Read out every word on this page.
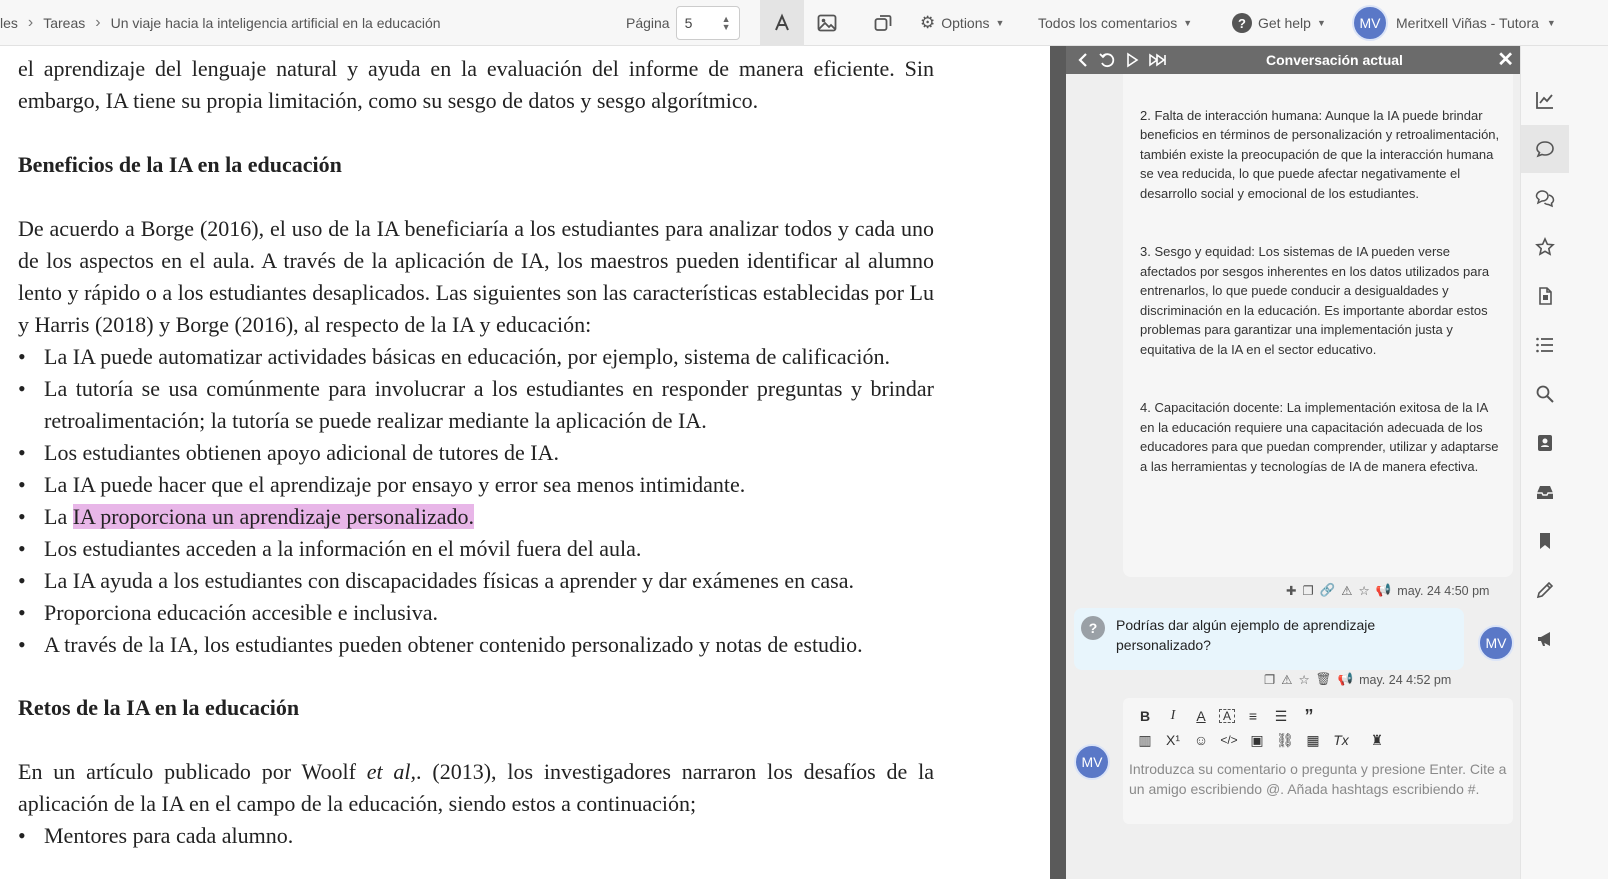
les › Tareas › Un viaje hacia la inteligencia artificial en la educación	Página 5	▲
▼	⚙ Options ▼ Todos los comentarios ▼	? Get help ▼	MV	Meritxell Viñas - Tutora ▼

el aprendizaje del lenguaje natural y ayuda en la evaluación del informe de manera eficiente. Sin

embargo, IA tiene su propia limitación, como su sesgo de datos y sesgo algorítmico.

Beneficios de la IA en la educación

De acuerdo a Borge (2016), el uso de la IA beneficiaría a los estudiantes para analizar todos y cada uno de los aspectos en el aula. A través de la aplicación de IA, los maestros pueden identificar al alumno lento y rápido o a los estudiantes desaplicados. Las siguientes son las características establecidas por Lu y Harris (2018) y Borge (2016), al respecto de la IA y educación:

• La IA puede automatizar actividades básicas en educación, por ejemplo, sistema de calificación.
• La tutoría se usa comúnmente para involucrar a los estudiantes en responder preguntas y brindar retroalimentación; la tutoría se puede realizar mediante la aplicación de IA.
• Los estudiantes obtienen apoyo adicional de tutores de IA.
• La IA puede hacer que el aprendizaje por ensayo y error sea menos intimidante.
• La IA proporciona un aprendizaje personalizado.
• Los estudiantes acceden a la información en el móvil fuera del aula.
• La IA ayuda a los estudiantes con discapacidades físicas a aprender y dar exámenes en casa.
• Proporciona educación accesible e inclusiva.
• A través de la IA, los estudiantes pueden obtener contenido personalizado y notas de estudio.
Retos de la IA en la educación

En un artículo publicado por Woolf et al,. (2013), los investigadores narraron los desafíos de la aplicación de la IA en el campo de la educación, siendo estos a continuación;

• Mentores para cada alumno.

2. Falta de interacción humana: Aunque la IA puede brindar beneficios en términos de personalización y retroalimentación, también existe la preocupación de que la interacción humana se vea reducida, lo que puede afectar negativamente el desarrollo social y emocional de los estudiantes.

3. Sesgo y equidad: Los sistemas de IA pueden verse afectados por sesgos inherentes en los datos utilizados para entrenarlos, lo que puede conducir a desigualdades y discriminación en la educación. Es importante abordar estos problemas para garantizar una implementación justa y equitativa de la IA en el sector educativo.

4. Capacitación docente: La implementación exitosa de la IA en la educación requiere una capacitación adecuada de los educadores para que puedan comprender, utilizar y adaptarse a las herramientas y tecnologías de IA de manera efectiva.

Conversación actual	✕
✚ ❐ 🔗 ⚠ ☆ 📢 may. 24 4:50 pm
?	Podrías dar algún ejemplo de aprendizaje personalizado?	MV
❐ ⚠ ☆ 🗑 📢 may. 24 4:52 pm
B	I	A	A	≡	☰ ”
▥ X¹ ☺ </> ▣ ⛓ ▦ Tx ♜
Introduzca su comentario o pregunta y presione Enter. Cite a un amigo escribiendo @. Añada hashtags escribiendo #.
MV
